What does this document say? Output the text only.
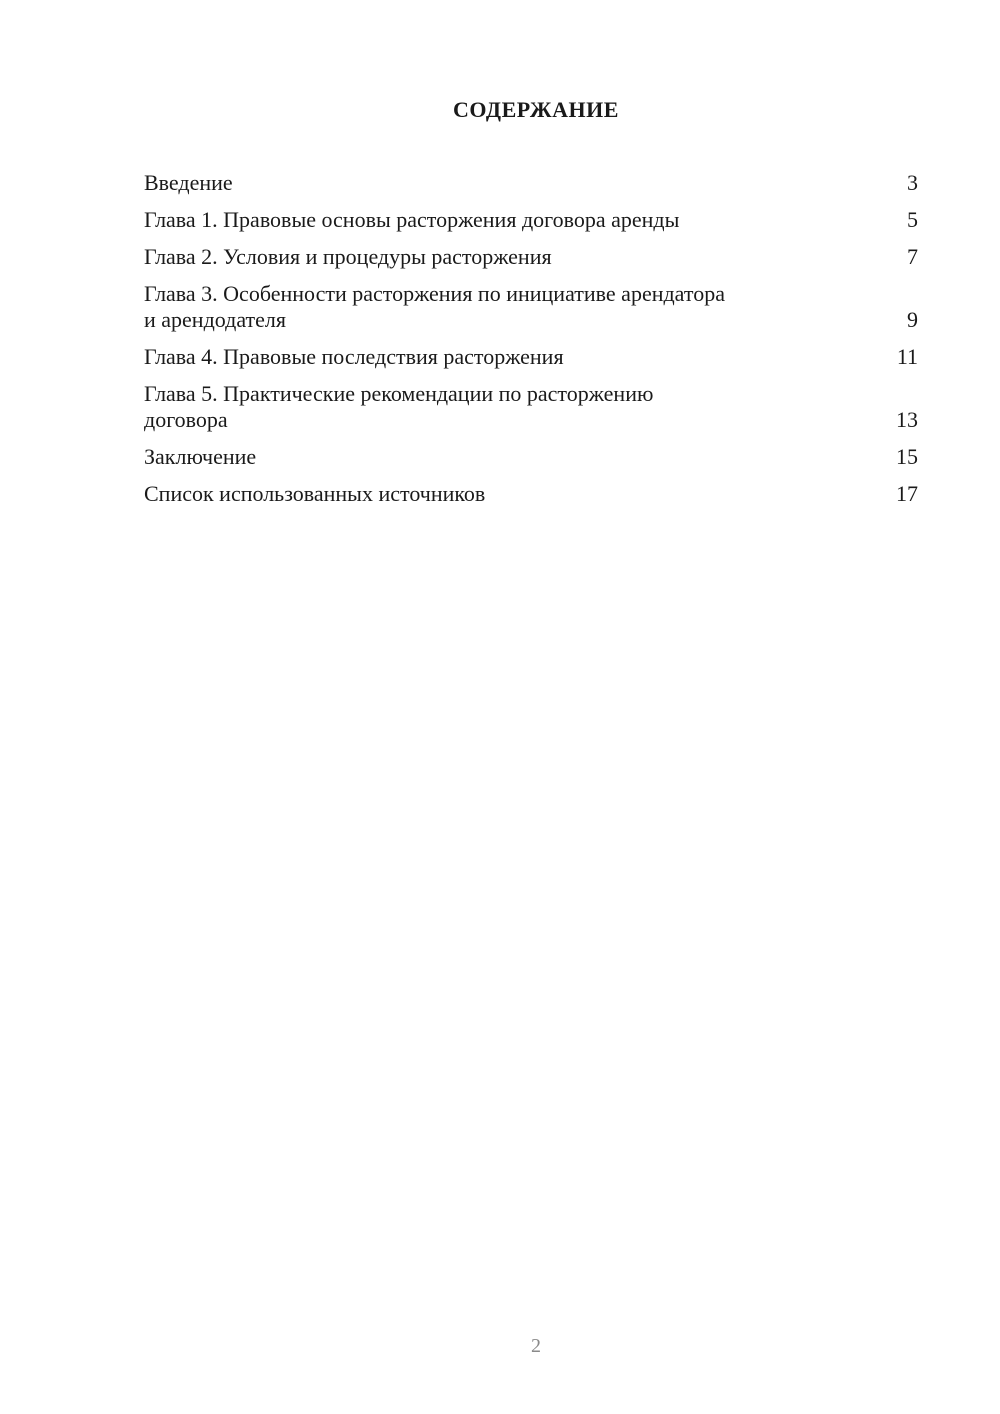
СОДЕРЖАНИЕ
Введение	3
Глава 1. Правовые основы расторжения договора аренды	5
Глава 2. Условия и процедуры расторжения	7
Глава 3. Особенности расторжения по инициативе арендатора
и арендодателя	9
Глава 4. Правовые последствия расторжения	11
Глава 5. Практические рекомендации по расторжению
договора	13
Заключение	15
Список использованных источников	17
2
